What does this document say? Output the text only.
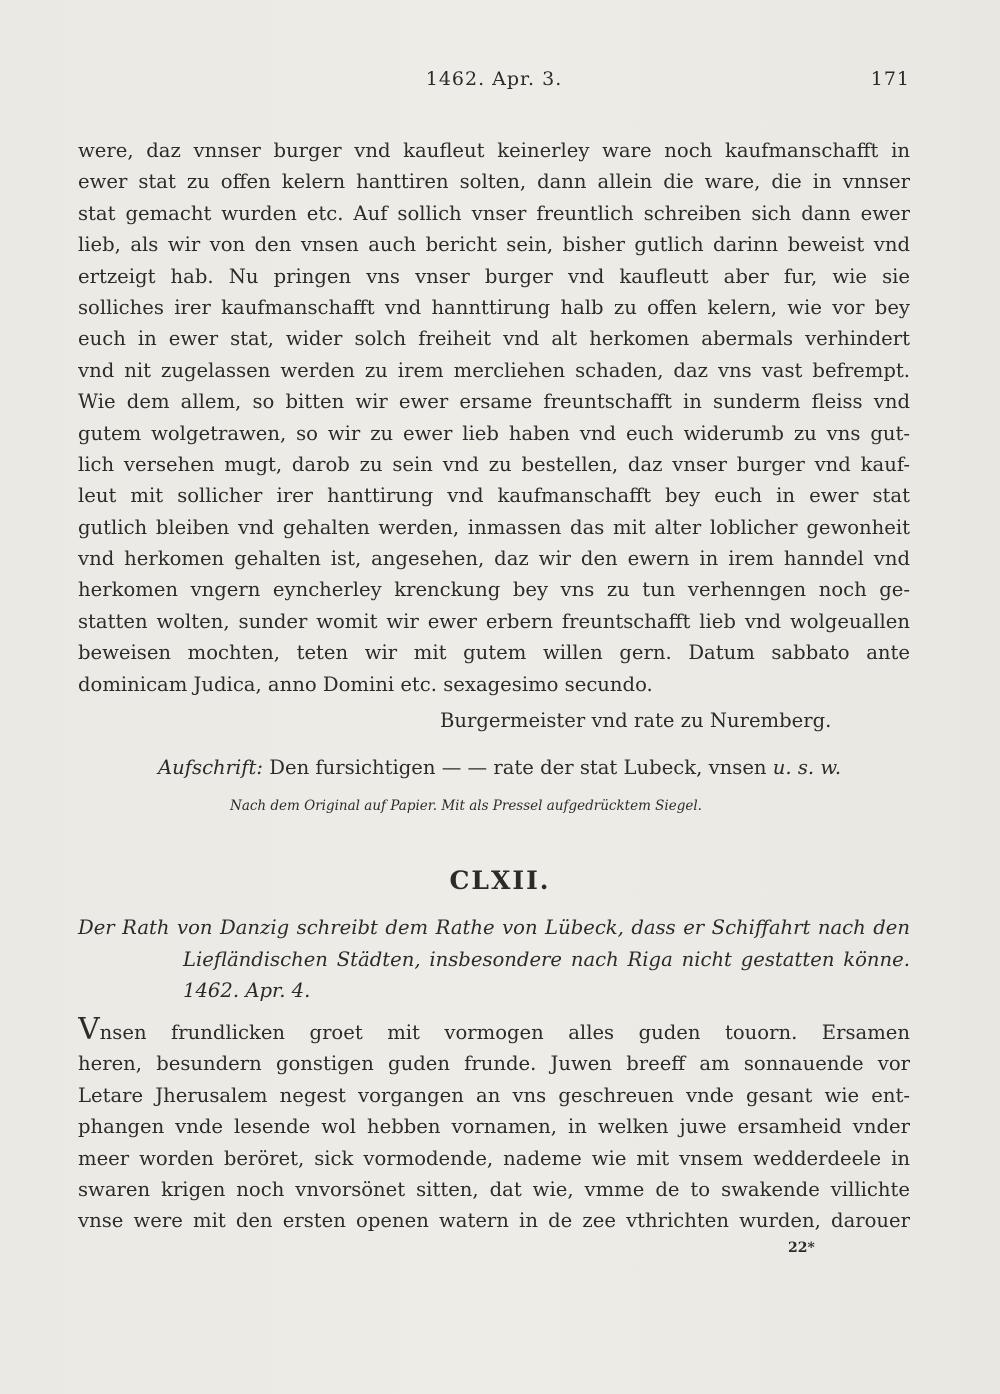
1462. Apr. 3.	171
were, daz vnnser burger vnd kaufleut keinerley ware noch kaufmanschafft in
ewer stat zu offen kelern hanttiren solten, dann allein die ware, die in vnnser
stat gemacht wurden etc. Auf sollich vnser freuntlich schreiben sich dann ewer
lieb, als wir von den vnsen auch bericht sein, bisher gutlich darinn beweist vnd
ertzeigt hab. Nu pringen vns vnser burger vnd kaufleutt aber fur, wie sie
solliches irer kaufmanschafft vnd hannttirung halb zu offen kelern, wie vor bey
euch in ewer stat, wider solch freiheit vnd alt herkomen abermals verhindert
vnd nit zugelassen werden zu irem mercliehen schaden, daz vns vast befrempt.
Wie dem allem, so bitten wir ewer ersame freuntschafft in sunderm fleiss vnd
gutem wolgetrawen, so wir zu ewer lieb haben vnd euch widerumb zu vns gut-
lich versehen mugt, darob zu sein vnd zu bestellen, daz vnser burger vnd kauf-
leut mit sollicher irer hanttirung vnd kaufmanschafft bey euch in ewer stat
gutlich bleiben vnd gehalten werden, inmassen das mit alter loblicher gewonheit
vnd herkomen gehalten ist, angesehen, daz wir den ewern in irem hanndel vnd
herkomen vngern eyncherley krenckung bey vns zu tun verhenngen noch ge-
statten wolten, sunder womit wir ewer erbern freuntschafft lieb vnd wolgeuallen
beweisen mochten, teten wir mit gutem willen gern. Datum sabbato ante
dominicam Judica, anno Domini etc. sexagesimo secundo.
Burgermeister vnd rate zu Nuremberg.
Aufschrift: Den fursichtigen — — rate der stat Lubeck, vnsen u. s. w.
Nach dem Original auf Papier. Mit als Pressel aufgedrücktem Siegel.
CLXII.
Der Rath von Danzig schreibt dem Rathe von Lübeck, dass er Schiffahrt nach den
Liefländischen Städten, insbesondere nach Riga nicht gestatten könne.
1462. Apr. 4.
Vnsen frundlicken groet mit vormogen alles guden touorn. Ersamen
heren, besundern gonstigen guden frunde. Juwen breeff am sonnauende vor
Letare Jherusalem negest vorgangen an vns geschreuen vnde gesant wie ent-
phangen vnde lesende wol hebben vornamen, in welken juwe ersamheid vnder
meer worden beröret, sick vormodende, nademe wie mit vnsem wedderdeele in
swaren krigen noch vnvorsönet sitten, dat wie, vmme de to swakende villichte
vnse were mit den ersten openen watern in de zee vthrichten wurden, darouer
22*
